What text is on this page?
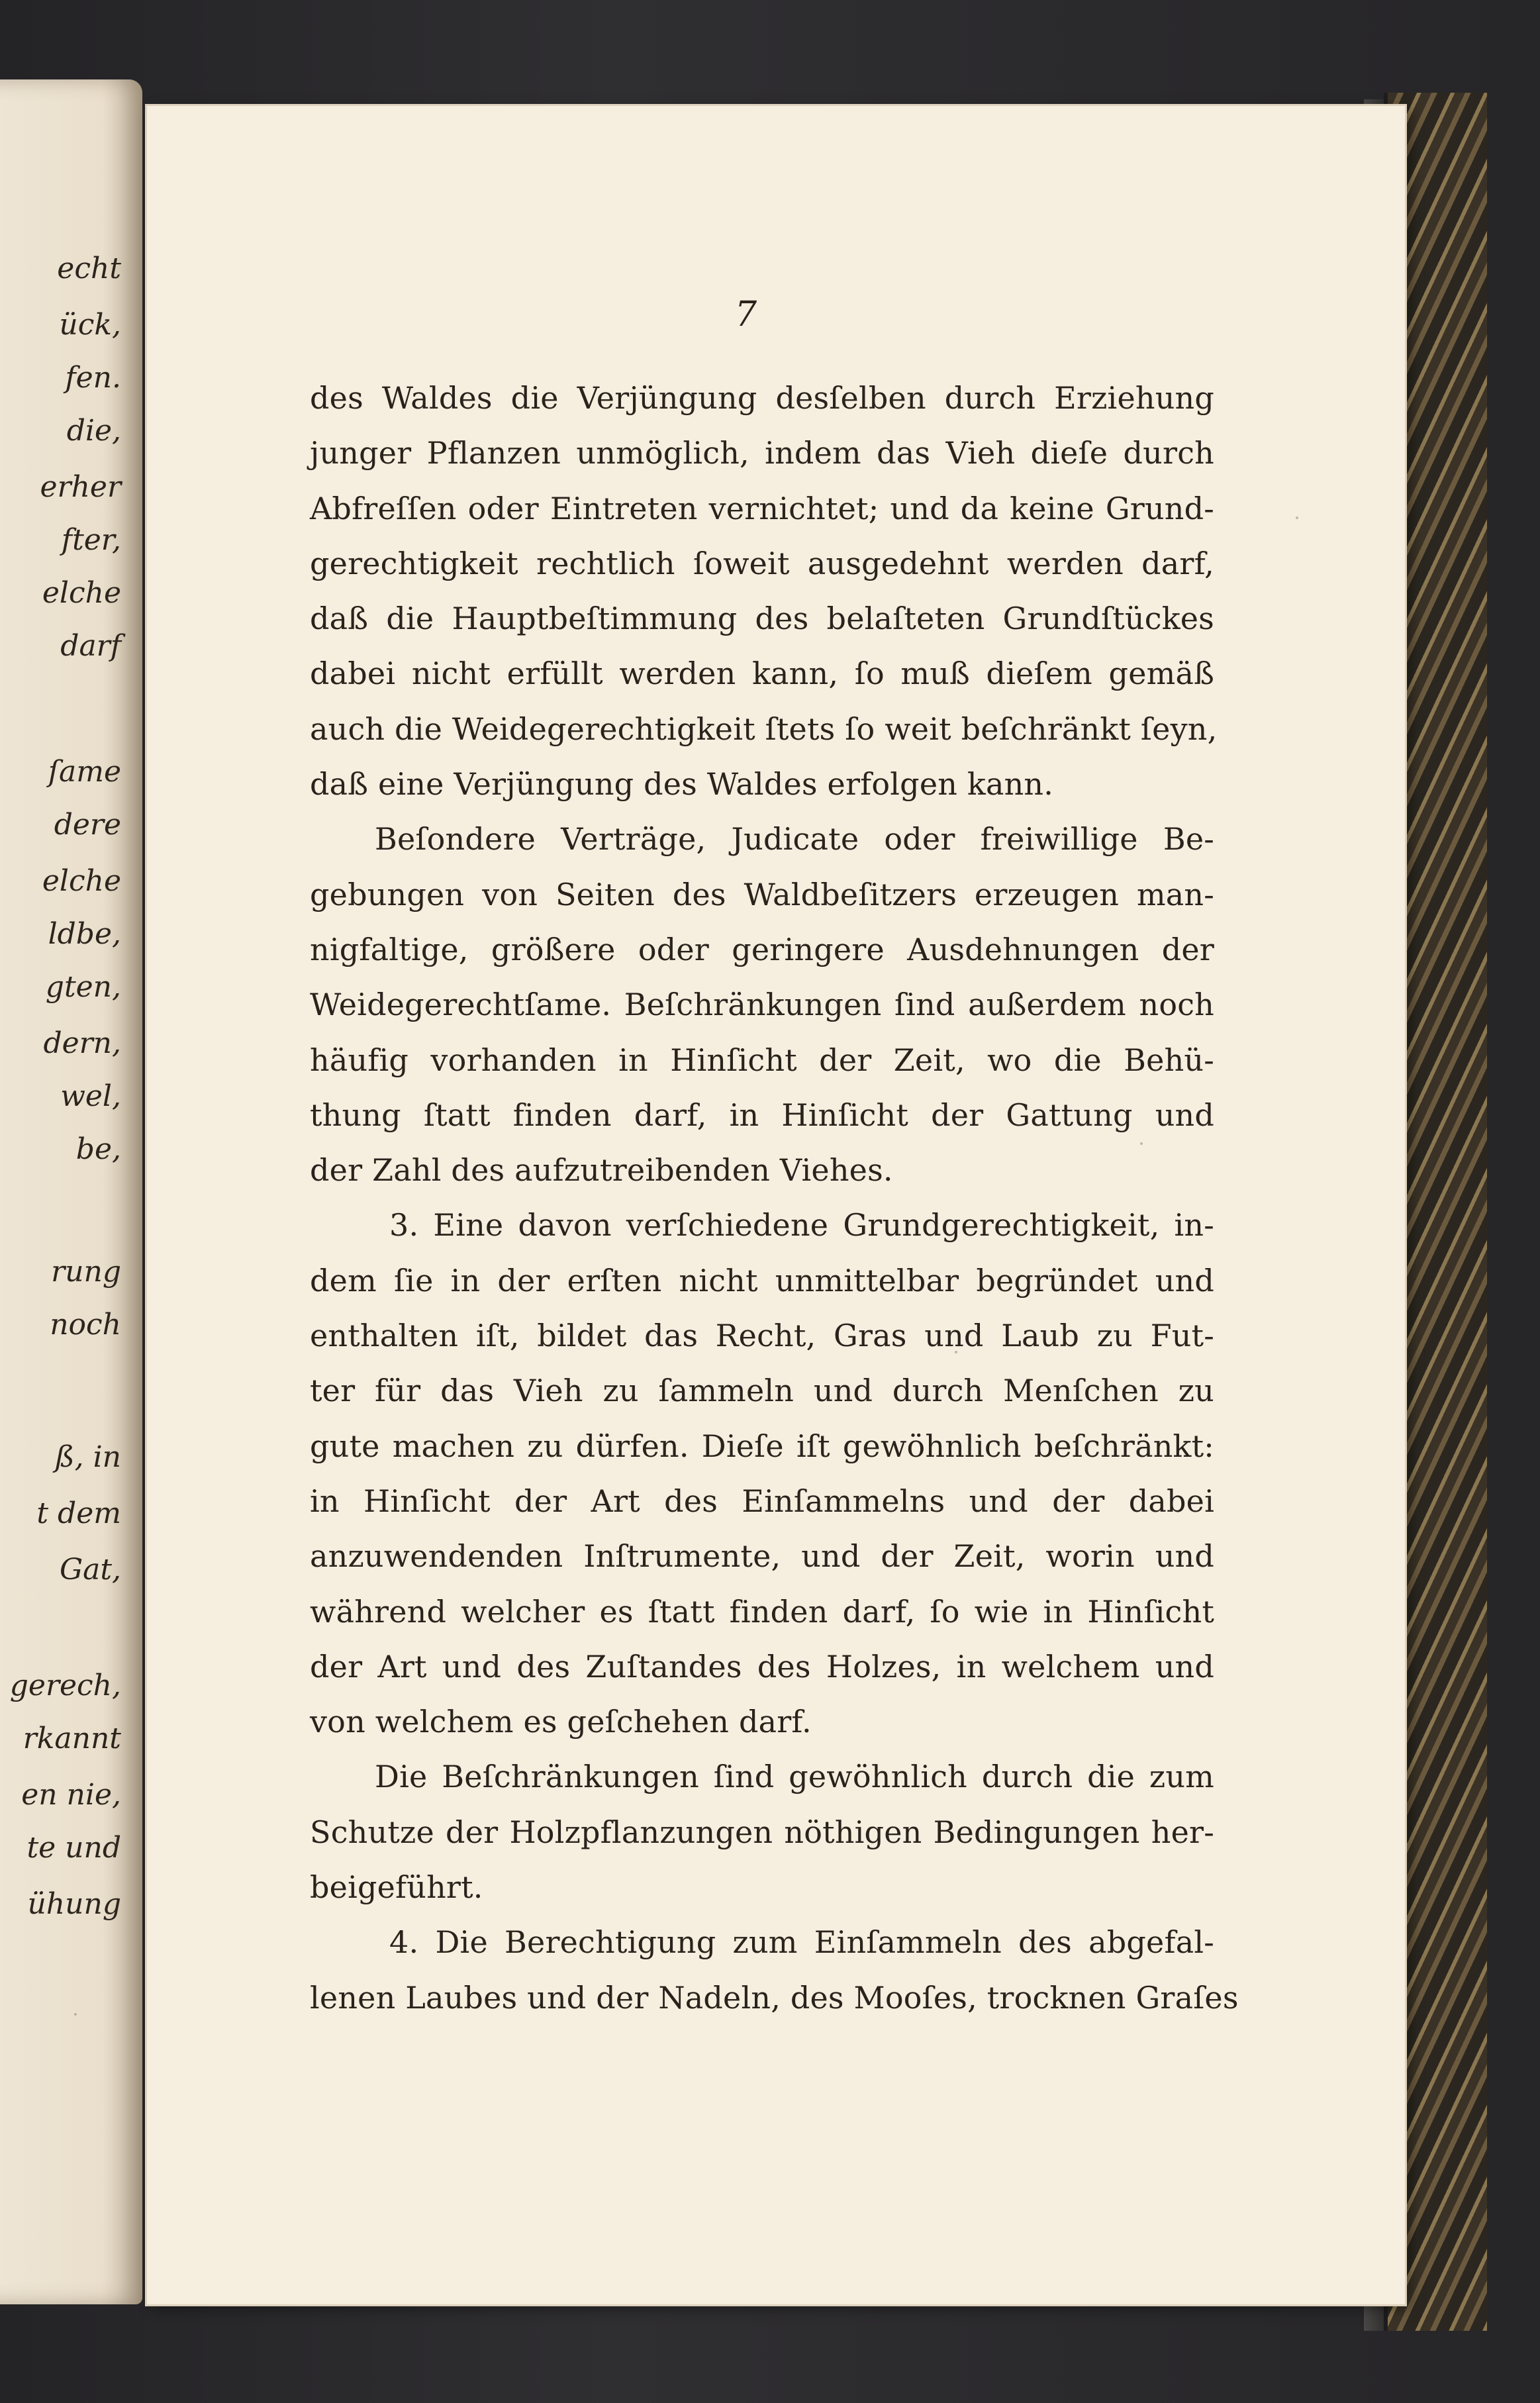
echt
ück,
fen.
die,
erher
fter,
elche
darf
ſame
dere
elche
ldbe,
gten,
dern,
wel,
be,
rung
noch
ß, in
t dem
Gat,
gerech,
rkannt
en nie,
te und
ühung
7
des Waldes die Verjüngung desſelben durch Erziehung
junger Pflanzen unmöglich, indem das Vieh dieſe durch
Abfreſſen oder Eintreten vernichtet; und da keine Grund-
gerechtigkeit rechtlich ſoweit ausgedehnt werden darf,
daß die Hauptbeſtimmung des belaſteten Grundſtückes
dabei nicht erfüllt werden kann, ſo muß dieſem gemäß
auch die Weidegerechtigkeit ſtets ſo weit beſchränkt ſeyn,
daß eine Verjüngung des Waldes erfolgen kann.
Beſondere Verträge, Judicate oder freiwillige Be-
gebungen von Seiten des Waldbeſitzers erzeugen man-
nigfaltige, größere oder geringere Ausdehnungen der
Weidegerechtſame. Beſchränkungen ſind außerdem noch
häufig vorhanden in Hinſicht der Zeit, wo die Behü-
thung ſtatt finden darf, in Hinſicht der Gattung und
der Zahl des aufzutreibenden Viehes.
3. Eine davon verſchiedene Grundgerechtigkeit, in-
dem ſie in der erſten nicht unmittelbar begründet und
enthalten iſt, bildet das Recht, Gras und Laub zu Fut-
ter für das Vieh zu ſammeln und durch Menſchen zu
gute machen zu dürfen. Dieſe iſt gewöhnlich beſchränkt:
in Hinſicht der Art des Einſammelns und der dabei
anzuwendenden Inſtrumente, und der Zeit, worin und
während welcher es ſtatt finden darf, ſo wie in Hinſicht
der Art und des Zuſtandes des Holzes, in welchem und
von welchem es geſchehen darf.
Die Beſchränkungen ſind gewöhnlich durch die zum
Schutze der Holzpflanzungen nöthigen Bedingungen her-
beigeführt.
4. Die Berechtigung zum Einſammeln des abgefal-
lenen Laubes und der Nadeln, des Mooſes, trocknen Graſes
